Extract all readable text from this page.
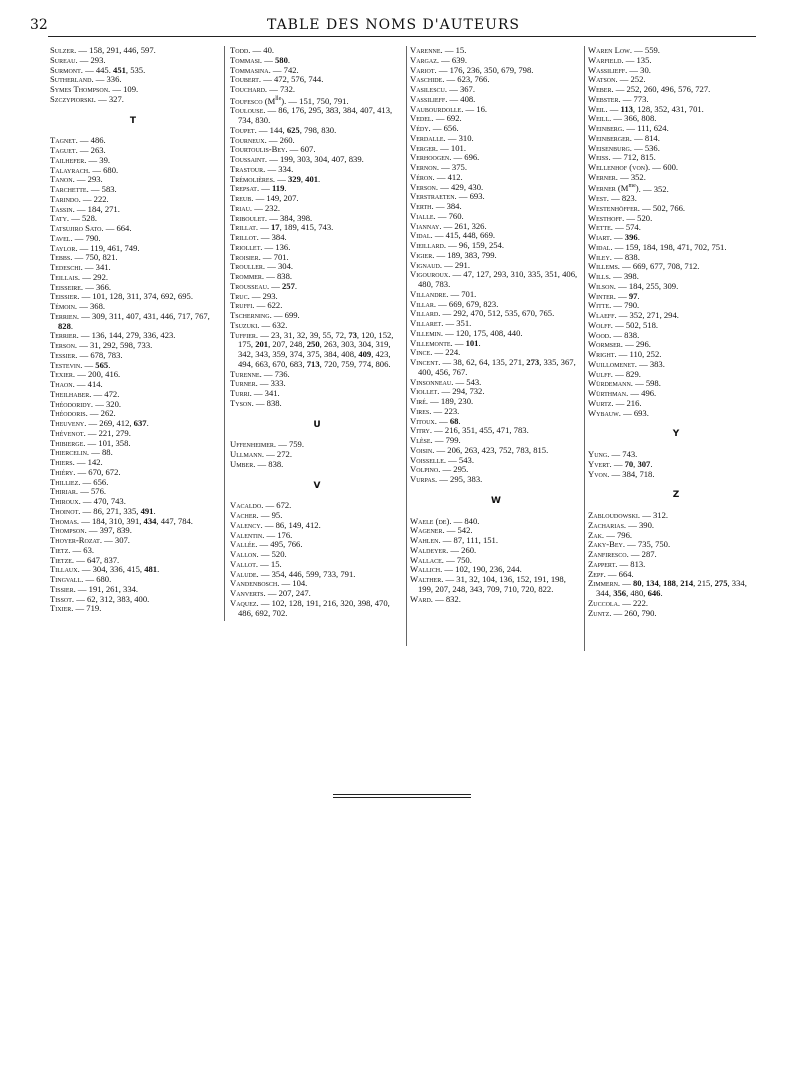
32	TABLE DES NOMS D'AUTEURS
Sulzer. — 158, 291, 446, 597.
Sureau. — 293.
Surmont. — 445. 451, 535.
Sutherland. — 336.
Symes Thompson. — 109.
Szczypiorski. — 327.
T
Tagnet. — 486.
Taguet. — 263.
Tailhefer. — 39.
Talayrach. — 680.
Tanon. — 293.
Tarchette. — 583.
Tarindo. — 222.
Tassin. — 184, 271.
Taty. — 528.
Tatsujiro Sato. — 664.
Tavel. — 790.
Taylor. — 119, 461, 749.
Tebbs. — 750, 821.
Tedeschi. — 341.
Teillais. — 292.
Teisseire. — 366.
Teissier. — 101, 128, 311, 374, 692, 695.
Témoin. — 368.
Terrien. — 309, 311, 407, 431, 446, 717, 767, 828.
Terrier. — 136, 144, 279, 336, 423.
Terson. — 31, 292, 598, 733.
Tessier. — 678, 783.
Testevin. — 565.
Texier. — 200, 416.
Thaon. — 414.
Theilhaber. — 472.
Théodoridy. — 320.
Théodoris. — 262.
Theuveny. — 269, 412, 637.
Thévenot. — 221, 279.
Thibierge. — 101, 358.
Thiercelin. — 88.
Thiers. — 142.
Thiéry. — 670, 672.
Thilliez. — 656.
Thiriar. — 576.
Thiroux. — 470, 743.
Thoinot. — 86, 271, 335, 491.
Thomas. — 184, 310, 391, 434, 447, 784.
Thompson. — 397, 839.
Thoyer-Rozat. — 307.
Tietz. — 63.
Tietze. — 647, 837.
Tillaux. — 304, 336, 415, 481.
Tingvall. — 680.
Tissier. — 191, 261, 334.
Tissot. — 62, 312, 383, 400.
Tixier. — 719.
Todd. — 40.
Tommasi. — 580.
Tommasina. — 742.
Toubert. — 472, 576, 744.
Touchard. — 732.
Toufesco $(M^{lle})$. — 151, 750, 791.
Toulouse. — 86, 176, 295, 383, 384, 407, 413, 734, 830.
Toupet. — 144, 625, 798, 830.
Tourneux. — 260.
Tourtoulis-Bey. — 607.
Toussaint. — 199, 303, 304, 407, 839.
Trastour. — 334.
Trémolières. — 329, 401.
Trepsat. — 119.
Treub. — 149, 207.
Triau. — 232.
Triboulet. — 384, 398.
Trillat. — 17, 189, 415, 743.
Trillot. — 384.
Triollet. — 136.
Troisier. — 701.
Trouller. — 304.
Trommer. — 838.
Trousseau. — 257.
Truc. — 293.
Truffi. — 622.
Tscherning. — 699.
Tsuzuki. — 632.
Tuffier. — 23, 31, 32, 39, 55, 72, 73, 120, 152, 175, 201, 207, 248, 250, 263, 303, 304, 319, 342, 343, 359, 374, 375, 384, 408, 409, 423, 494, 663, 670, 683, 713, 720, 759, 774, 806.
Turenne. — 736.
Turner. — 333.
Turri. — 341.
Tyson. — 838.
U
Uffenheimer. — 759.
Ullmann. — 272.
Umber. — 838.
V
Vacaldo. — 672.
Vacher. — 95.
Valency. — 86, 149, 412.
Valentin. — 176.
Vallée. — 495, 766.
Vallon. — 520.
Vallot. — 15.
Valude. — 354, 446, 599, 733, 791.
Vandenbosch. — 104.
Vanverts. — 207, 247.
Vaquez. — 102, 128, 191, 216, 320, 398, 470, 486, 692, 702.
Varenne. — 15.
Vargaz. — 639.
Variot. — 176, 236, 350, 679, 798.
Vaschide. — 623, 766.
Vasilescu. — 367.
Vassilieff. — 408.
Vaubourdolle. — 16.
Vedel. — 692.
Védy. — 656.
Verdalle. — 310.
Verger. — 101.
Verhoogen. — 696.
Vernon. — 375.
Véron. — 412.
Verson. — 429, 430.
Verstraeten. — 693.
Verth. — 384.
Vialle. — 760.
Viannay. — 261, 326.
Vidal. — 415, 448, 669.
Vieillard. — 96, 159, 254.
Vigier. — 189, 383, 799.
Vignaud. — 291.
Vigouroux. — 47, 127, 293, 310, 335, 351, 406, 480, 783.
Villandre. — 701.
Villar. — 669, 679, 823.
Villard. — 292, 470, 512, 535, 670, 765.
Villaret. — 351.
Villemin. — 120, 175, 408, 440.
Villemonte. — 101.
Vince. — 224.
Vincent. — 38, 62, 64, 135, 271, 273, 335, 367, 400, 456, 767.
Vinsonneau. — 543.
Viollet. — 294, 732.
Viré. — 189, 230.
Vires. — 223.
Vitoux. — 68.
Vitry. — 216, 351, 455, 471, 783.
Vlèse. — 799.
Voisin. — 206, 263, 423, 752, 783, 815.
Voisselle. — 543.
Volpino. — 295.
Vurpas. — 295, 383.
W
Waele (de). — 840.
Wagener. — 542.
Wahlen. — 87, 111, 151.
Waldeyer. — 260.
Wallace. — 750.
Wallich. — 102, 190, 236, 244.
Walther. — 31, 32, 104, 136, 152, 191, 198, 199, 207, 248, 343, 709, 710, 720, 822.
Ward. — 832.
Waren Low. — 559.
Warfield. — 135.
Wassilieff. — 30.
Watson. — 252.
Weber. — 252, 260, 496, 576, 727.
Webster. — 773.
Weil. — 113, 128, 352, 431, 701.
Weill. — 366, 808.
Weinberg. — 111, 624.
Weinberger. — 814.
Weisenburg. — 536.
Weiss. — 712, 815.
Wellenhof (von). — 600.
Werner. — 352.
Werner $(M^{me})$. — 352.
West. — 823.
Westenhöffer. — 502, 766.
Westhoff. — 520.
Wette. — 574.
Wiart. — 396.
Widal. — 159, 184, 198, 471, 702, 751.
Wiley. — 838.
Willems. — 669, 677, 708, 712.
Wills. — 398.
Wilson. — 184, 255, 309.
Winter. — 97.
Witte. — 790.
Wlaeff. — 352, 271, 294.
Wolff. — 502, 518.
Wood. — 838.
Wormser. — 296.
Wright. — 110, 252.
Wuillomenet. — 383.
Wulff. — 829.
Würdemann. — 598.
Würthman. — 496.
Wurtz. — 216.
Wybauw. — 693.
Y
Yung. — 743.
Yvert. — 70, 307.
Yvon. — 384, 718.
Z
Zabloudowski. — 312.
Zacharias. — 390.
Zak. — 796.
Zaky-Bey. — 735, 750.
Zanfiresco. — 287.
Zappert. — 813.
Zepf. — 664.
Zimmern. — 80, 134, 188, 214, 215, 275, 334, 344, 356, 480, 646.
Zuccola. — 222.
Zuntz. — 260, 790.
